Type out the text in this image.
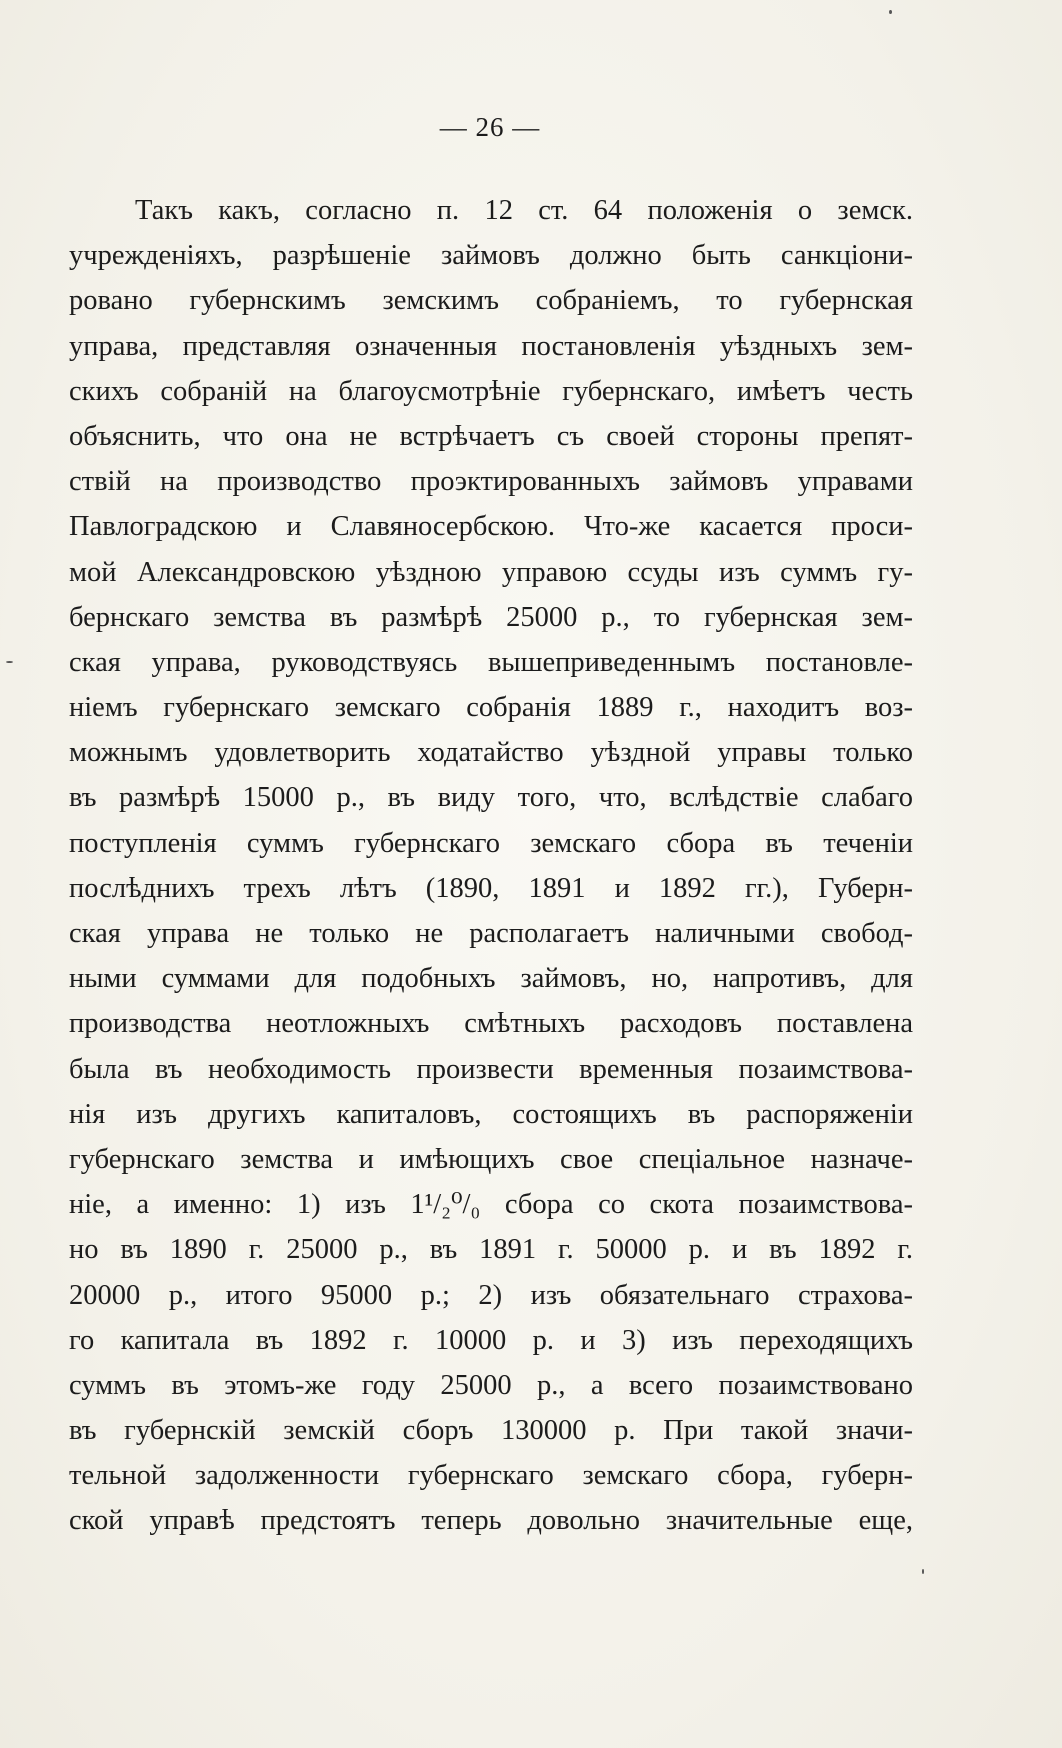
— 26 —
Такъ какъ, согласно п. 12 ст. 64 положенія о земск.
учрежденіяхъ, разрѣшеніе займовъ должно быть санкціони-
ровано губернскимъ земскимъ собраніемъ, то губернская
управа, представляя означенныя постановленія уѣздныхъ зем-
скихъ собраній на благоусмотрѣніе губернскаго, имѣетъ честь
объяснить, что она не встрѣчаетъ съ своей стороны препят-
ствій на производство проэктированныхъ займовъ управами
Павлоградскою и Славяносербскою. Что-же касается проси-
мой Александровскою уѣздною управою ссуды изъ суммъ гу-
бернскаго земства въ размѣрѣ 25000 р., то губернская зем-
ская управа, руководствуясь вышеприведеннымъ постановле-
ніемъ губернскаго земскаго собранія 1889 г., находитъ воз-
можнымъ удовлетворить ходатайство уѣздной управы только
въ размѣрѣ 15000 р., въ виду того, что, вслѣдствіе слабаго
поступленія суммъ губернскаго земскаго сбора въ теченіи
послѣднихъ трехъ лѣтъ (1890, 1891 и 1892 гг.), Губерн-
ская управа не только не располагаетъ наличными свобод-
ными суммами для подобныхъ займовъ, но, напротивъ, для
производства неотложныхъ смѣтныхъ расходовъ поставлена
была въ необходимость произвести временныя позаимствова-
нія изъ другихъ капиталовъ, состоящихъ въ распоряженіи
губернскаго земства и имѣющихъ свое спеціальное назначе-
ніе, а именно: 1) изъ 1¹/₂⁰/₀ сбора со скота позаимствова-
но въ 1890 г. 25000 р., въ 1891 г. 50000 р. и въ 1892 г.
20000 р., итого 95000 р.; 2) изъ обязательнаго страхова-
го капитала въ 1892 г. 10000 р. и 3) изъ переходящихъ
суммъ въ этомъ-же году 25000 р., а всего позаимствовано
въ губернскій земскій сборъ 130000 р. При такой значи-
тельной задолженности губернскаго земскаго сбора, губерн-
ской управѣ предстоятъ теперь довольно значительные еще,
